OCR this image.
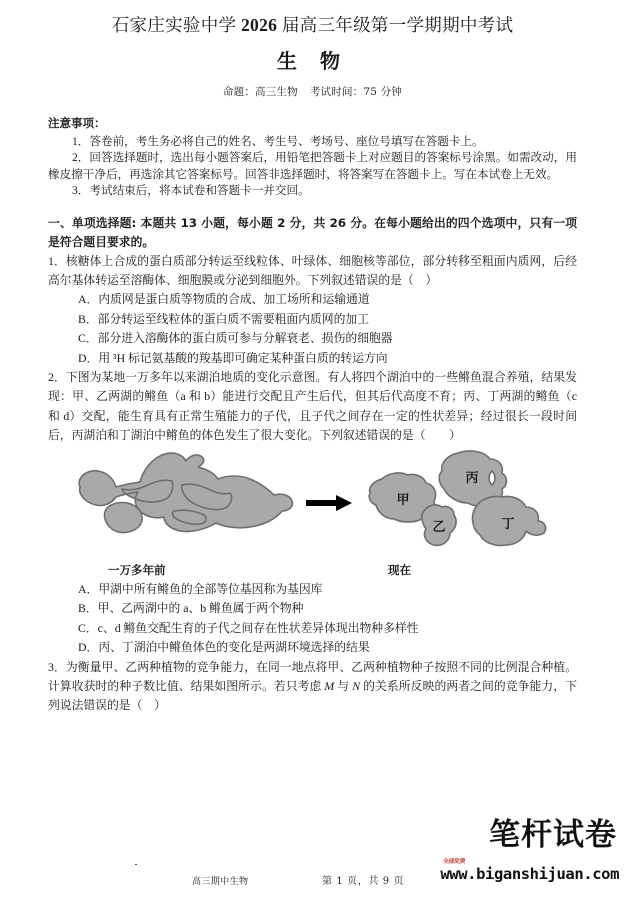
石家庄实验中学 2026 届高三年级第一学期期中考试
生 物
命题：高三生物 考试时间：75 分钟
注意事项：

1．答卷前，考生务必将自己的姓名、考生号、考场号、座位号填写在答题卡上。

2．回答选择题时，选出每小题答案后，用铅笔把答题卡上对应题目的答案标号涂黑。如需改动，用橡皮擦干净后，再选涂其它答案标号。回答非选择题时，将答案写在答题卡上。写在本试卷上无效。

3．考试结束后，将本试卷和答题卡一并交回。

一、单项选择题: 本题共 13 小题，每小题 2 分，共 26 分。在每小题给出的四个选项中，只有一项是符合题目要求的。

1．核糖体上合成的蛋白质部分转运至线粒体、叶绿体、细胞核等部位，部分转移至粗面内质网，后经高尔基体转运至溶酶体、细胞膜或分泌到细胞外。下列叙述错误的是（　）

A．内质网是蛋白质等物质的合成、加工场所和运输通道

B．部分转运至线粒体的蛋白质不需要粗面内质网的加工

C．部分进入溶酶体的蛋白质可参与分解衰老、损伤的细胞器

D．用 ³H 标记氨基酸的羧基即可确定某种蛋白质的转运方向

2．下图为某地一万多年以来湖泊地质的变化示意图。有人将四个湖泊中的一些鳉鱼混合养殖，结果发现：甲、乙两湖的鳉鱼（a 和 b）能进行交配且产生后代，但其后代高度不育；丙、丁两湖的鳉鱼（c 和 d）交配，能生育具有正常生殖能力的子代，且子代之间存在一定的性状差异；经过很长一段时间后，丙湖泊和丁湖泊中鳉鱼的体色发生了很大变化。下列叙述错误的是（　　）

甲
丙
乙	丁
一万多年前	现在

A．甲湖中所有鳉鱼的全部等位基因称为基因库

B．甲、乙两湖中的 a、b 鳉鱼属于两个物种

C．c、d 鳉鱼交配生育的子代之间存在性状差异体现出物种多样性

D．丙、丁湖泊中鳉鱼体色的变化是两湖环境选择的结果

3．为衡量甲、乙两种植物的竞争能力，在同一地点将甲、乙两种植物种子按照不同的比例混合种植。计算收获时的种子数比值、结果如图所示。若只考虑 M 与 N 的关系所反映的两者之间的竞争能力，下列说法错误的是（　）

高三期中生物	第 1 页，共 9 页
笔杆试卷
全部免费
www.biganshijuan.com
